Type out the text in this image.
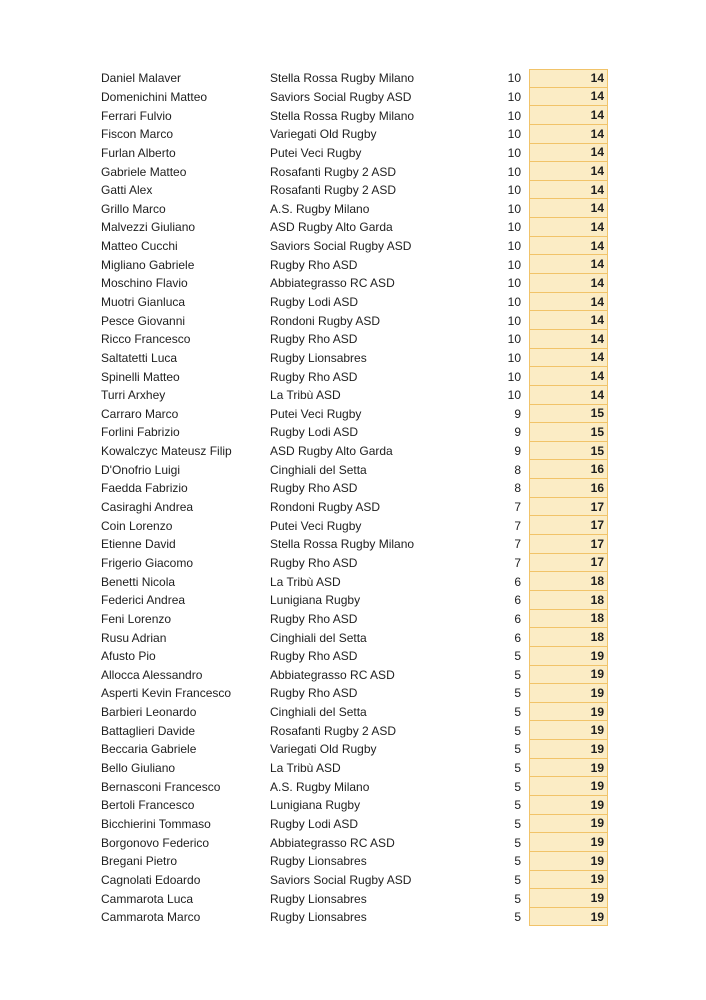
Daniel Malaver	Stella Rossa Rugby Milano	10	14
Domenichini Matteo	Saviors Social Rugby ASD	10	14
Ferrari Fulvio	Stella Rossa Rugby Milano	10	14
Fiscon Marco	Variegati Old Rugby	10	14
Furlan Alberto	Putei Veci Rugby	10	14
Gabriele Matteo	Rosafanti Rugby 2 ASD	10	14
Gatti Alex	Rosafanti Rugby 2 ASD	10	14
Grillo Marco	A.S. Rugby Milano	10	14
Malvezzi Giuliano	ASD Rugby Alto Garda	10	14
Matteo Cucchi	Saviors Social Rugby ASD	10	14
Migliano Gabriele	Rugby Rho ASD	10	14
Moschino Flavio	Abbiategrasso RC ASD	10	14
Muotri Gianluca	Rugby Lodi ASD	10	14
Pesce Giovanni	Rondoni Rugby ASD	10	14
Ricco Francesco	Rugby Rho ASD	10	14
Saltatetti Luca	Rugby Lionsabres	10	14
Spinelli Matteo	Rugby Rho ASD	10	14
Turri Arxhey	La Tribù ASD	10	14
Carraro Marco	Putei Veci Rugby	9	15
Forlini Fabrizio	Rugby Lodi ASD	9	15
Kowalczyc Mateusz Filip	ASD Rugby Alto Garda	9	15
D'Onofrio Luigi	Cinghiali del Setta	8	16
Faedda Fabrizio	Rugby Rho ASD	8	16
Casiraghi Andrea	Rondoni Rugby ASD	7	17
Coin Lorenzo	Putei Veci Rugby	7	17
Etienne David	Stella Rossa Rugby Milano	7	17
Frigerio Giacomo	Rugby Rho ASD	7	17
Benetti Nicola	La Tribù ASD	6	18
Federici Andrea	Lunigiana Rugby	6	18
Feni Lorenzo	Rugby Rho ASD	6	18
Rusu Adrian	Cinghiali del Setta	6	18
Afusto Pio	Rugby Rho ASD	5	19
Allocca Alessandro	Abbiategrasso RC ASD	5	19
Asperti Kevin Francesco	Rugby Rho ASD	5	19
Barbieri Leonardo	Cinghiali del Setta	5	19
Battaglieri Davide	Rosafanti Rugby 2 ASD	5	19
Beccaria Gabriele	Variegati Old Rugby	5	19
Bello Giuliano	La Tribù ASD	5	19
Bernasconi Francesco	A.S. Rugby Milano	5	19
Bertoli Francesco	Lunigiana Rugby	5	19
Bicchierini Tommaso	Rugby Lodi ASD	5	19
Borgonovo Federico	Abbiategrasso RC ASD	5	19
Bregani Pietro	Rugby Lionsabres	5	19
Cagnolati Edoardo	Saviors Social Rugby ASD	5	19
Cammarota Luca	Rugby Lionsabres	5	19
Cammarota Marco	Rugby Lionsabres	5	19
